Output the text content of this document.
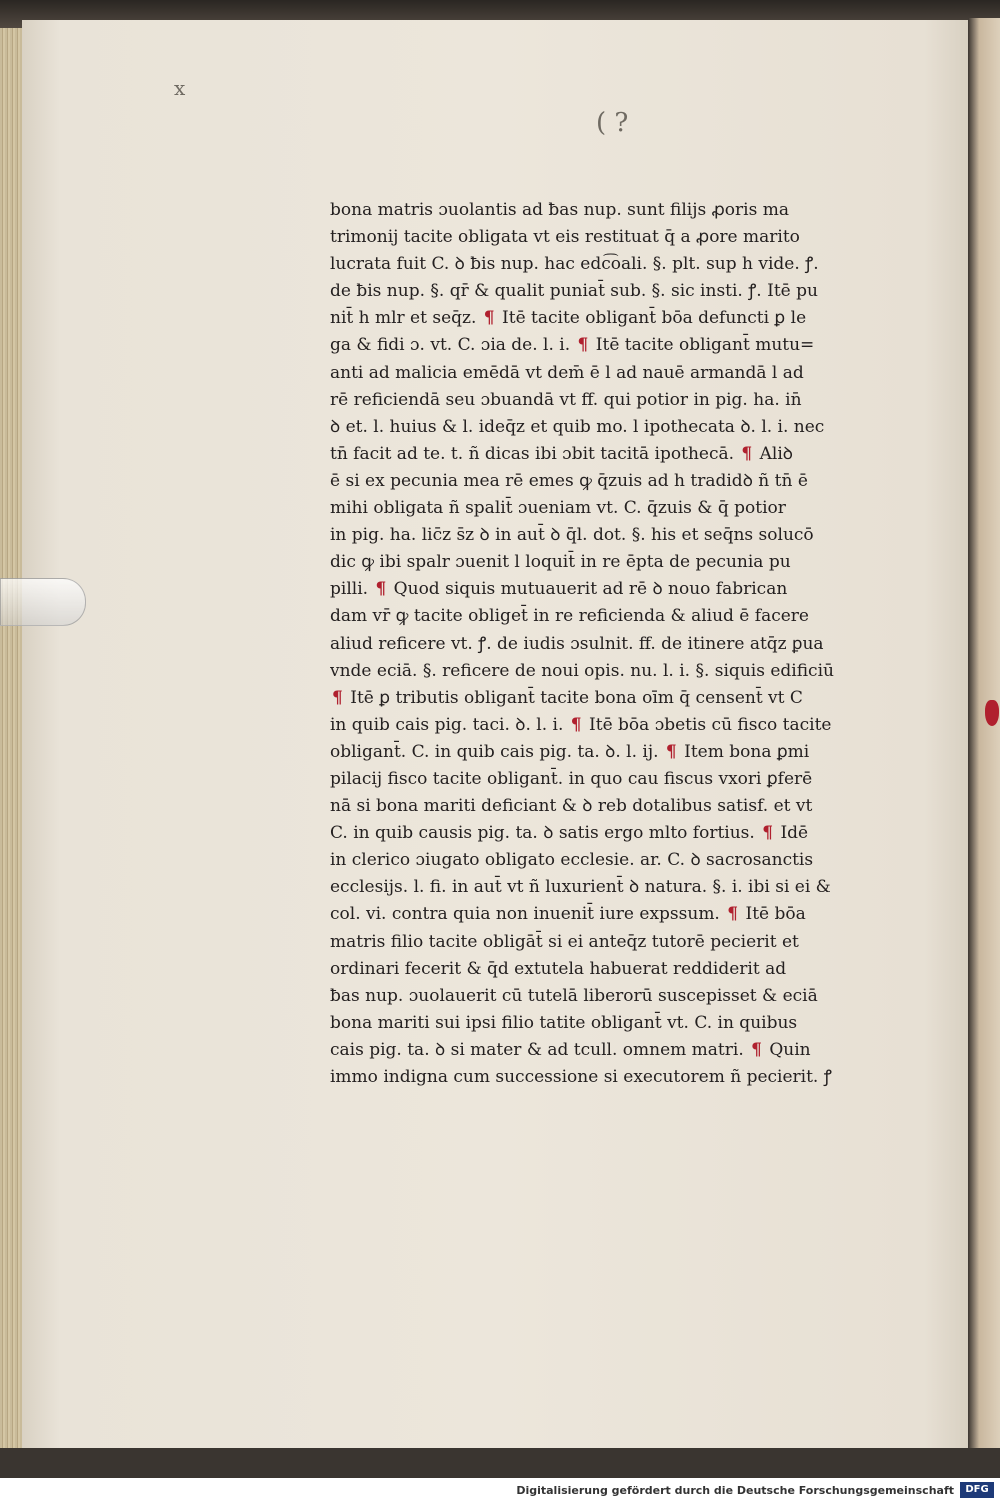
ⅹ
( ?
bona matris ɔuolantis ad ƀas nup. sunt filijs ꝓoris ma
trimonij tacite obligata vt eis restituat q̄ a ꝓore marito
lucrata fuit C. ꝺ ƀis nup. hac edc͡oali. §. plt. sup h vide. ꝭ.
de ƀis nup. §. qr̄ & qualit puniat̄ sub. §. sic insti. ꝭ. Itē pu
nit̄ h mlr et seq̄z. ¶ Itē tacite obligant̄ bōa defuncti ꝑ le
ga & fidi ɔ. vt. C. ɔia de. l. i. ¶ Itē tacite obligant̄ mutu=
anti ad malicia emēdā vt dem̄ ē l ad nauē armandā l ad
rē reficiendā seu ɔbuandā vt ff. qui potior in pig. ha. in̄
ꝺ et. l. huius & l. ideq̄z et quib mo. l ipothecata ꝺ. l. i. nec
tn̄ facit ad te. t. ñ dicas ibi ɔbit tacitā ipothecā. ¶ Aliꝺ
ē si ex pecunia mea rē emes ꝙ q̄zuis ad h tradidꝺ ñ tn̄ ē
mihi obligata ñ spalit̄ ɔueniam vt. C. q̄zuis & q̄ potior
in pig. ha. lic̄z s̄z ꝺ in aut̄ ꝺ q̄l. dot. §. his et seq̄ns solucō
dic ꝙ ibi spalr ɔuenit l loquit̄ in re ēpta de pecunia pu
pilli. ¶ Quod siquis mutuauerit ad rē ꝺ nouo fabrican
dam vr̄ ꝙ tacite obliget̄ in re reficienda & aliud ē facere
aliud reficere vt. ꝭ. de iudis ɔsulnit. ff. de itinere atq̄z ꝑua
vnde eciā. §. reficere de noui opis. nu. l. i. §. siquis edificiū
¶ Itē ꝑ tributis obligant̄ tacite bona oīm q̄ censent̄ vt C
in quib cais pig. taci. ꝺ. l. i. ¶ Itē bōa ɔbetis cū fisco tacite
obligant̄. C. in quib cais pig. ta. ꝺ. l. ij. ¶ Item bona ꝑmi
pilacij fisco tacite obligant̄. in quo cau fiscus vxori ꝑferē
nā si bona mariti deficiant & ꝺ reb dotalibus satisf. et vt
C. in quib causis pig. ta. ꝺ satis ergo mlto fortius. ¶ Idē
in clerico ɔiugato obligato ecclesie. ar. C. ꝺ sacrosanctis
ecclesijs. l. fi. in aut̄ vt ñ luxurient̄ ꝺ natura. §. i. ibi si ei &
col. vi. contra quia non inuenit̄ iure expssum. ¶ Itē bōa
matris filio tacite obligāt̄ si ei anteq̄z tutorē pecierit et
ordinari fecerit & q̄d extutela habuerat reddiderit ad
ƀas nup. ɔuolauerit cū tutelā liberorū suscepisset & eciā
bona mariti sui ipsi filio tatite obligant̄ vt. C. in quibus
cais pig. ta. ꝺ si mater & ad tcull. omnem matri. ¶ Quin
immo indigna cum successione si executorem ñ pecierit. ꝭ
Digitalisierung gefördert durch die Deutsche Forschungsgemeinschaft	DFG
